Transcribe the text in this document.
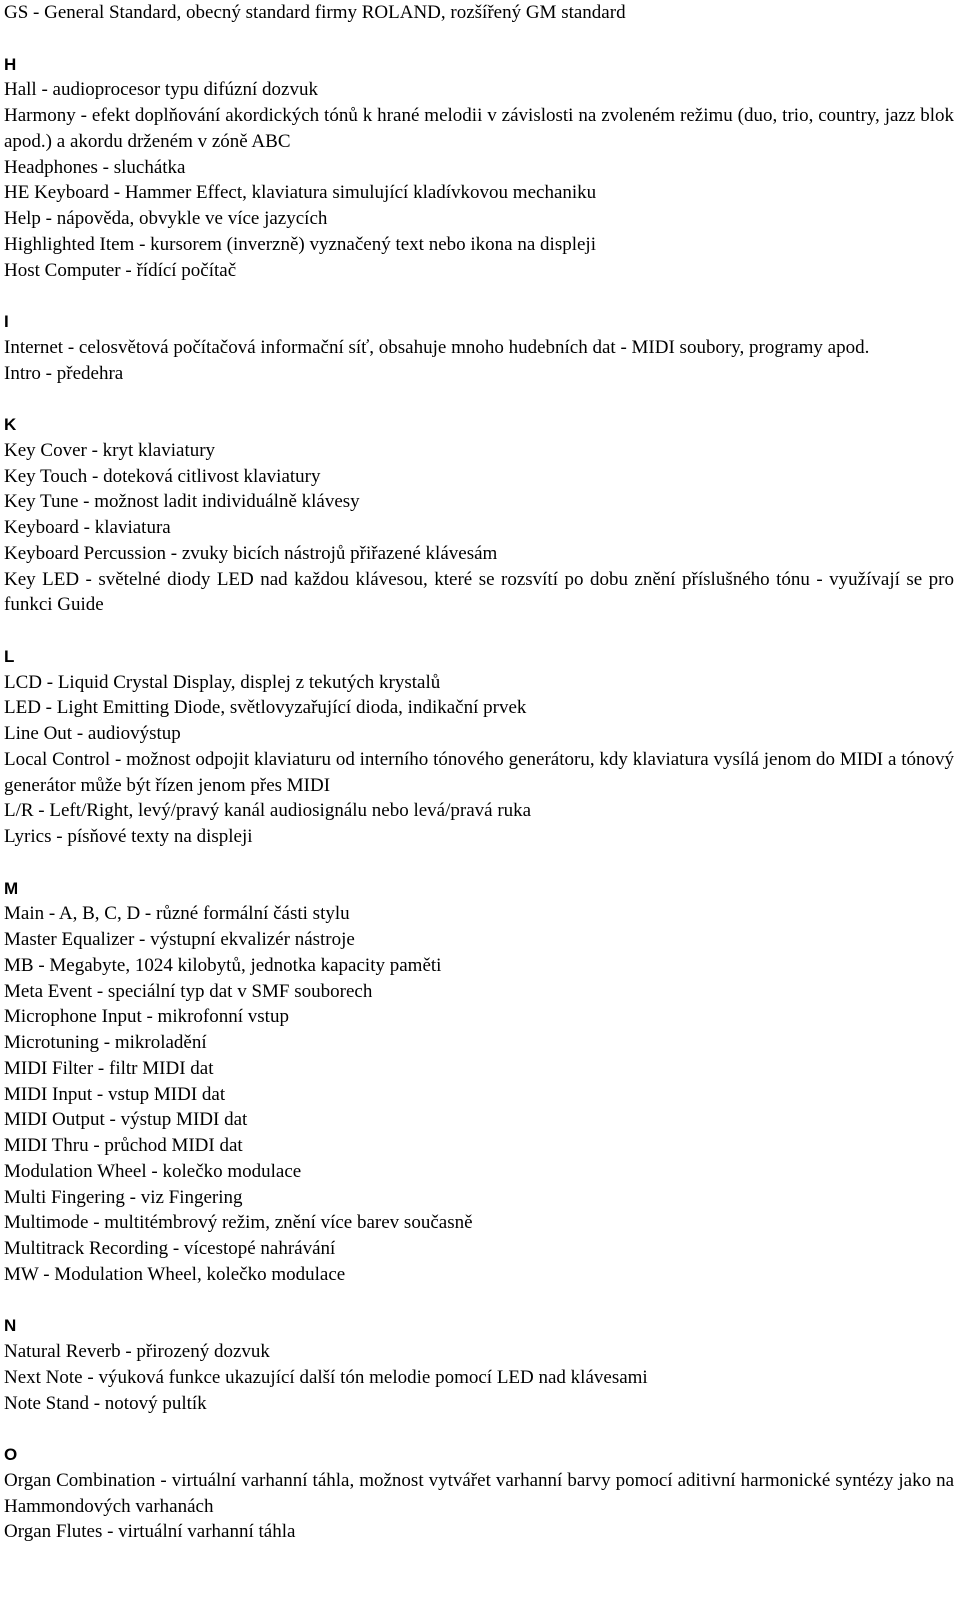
GS - General Standard, obecný standard firmy ROLAND, rozšířený GM standard
H
Hall - audioprocesor typu difúzní dozvuk
Harmony - efekt doplňování akordických tónů k hrané melodii v závislosti na zvoleném režimu (duo, trio, country, jazz blok apod.) a akordu drženém v zóně ABC
Headphones - sluchátka
HE Keyboard - Hammer Effect, klaviatura simulující kladívkovou mechaniku
Help - nápověda, obvykle ve více jazycích
Highlighted Item - kursorem (inverzně) vyznačený text nebo ikona na displeji
Host Computer - řídící počítač
I
Internet - celosvětová počítačová informační síť, obsahuje mnoho hudebních dat - MIDI soubory, programy apod.
Intro - předehra
K
Key Cover - kryt klaviatury
Key Touch - doteková citlivost klaviatury
Key Tune - možnost ladit individuálně klávesy
Keyboard - klaviatura
Keyboard Percussion - zvuky bicích nástrojů přiřazené klávesám
Key LED - světelné diody LED nad každou klávesou, které se rozsvítí po dobu znění příslušného tónu - využívají se pro funkci Guide
L
LCD - Liquid Crystal Display, displej z tekutých krystalů
LED - Light Emitting Diode, světlovyzařující dioda, indikační prvek
Line Out - audiovýstup
Local Control - možnost odpojit klaviaturu od interního tónového generátoru, kdy klaviatura vysílá jenom do MIDI a tónový generátor může být řízen jenom přes MIDI
L/R - Left/Right, levý/pravý kanál audiosignálu nebo levá/pravá ruka
Lyrics - písňové texty na displeji
M
Main - A, B, C, D - různé formální části stylu
Master Equalizer - výstupní ekvalizér nástroje
MB - Megabyte, 1024 kilobytů, jednotka kapacity paměti
Meta Event - speciální typ dat v SMF souborech
Microphone Input - mikrofonní vstup
Microtuning - mikroladění
MIDI Filter - filtr MIDI dat
MIDI Input - vstup MIDI dat
MIDI Output - výstup MIDI dat
MIDI Thru - průchod MIDI dat
Modulation Wheel - kolečko modulace
Multi Fingering - viz Fingering
Multimode - multitémbrový režim, znění více barev současně
Multitrack Recording - vícestopé nahrávání
MW - Modulation Wheel, kolečko modulace
N
Natural Reverb - přirozený dozvuk
Next Note - výuková funkce ukazující další tón melodie pomocí LED nad klávesami
Note Stand - notový pultík
O
Organ Combination - virtuální varhanní táhla, možnost vytvářet varhanní barvy pomocí aditivní harmonické syntézy jako na Hammondových varhanách
Organ Flutes - virtuální varhanní táhla
